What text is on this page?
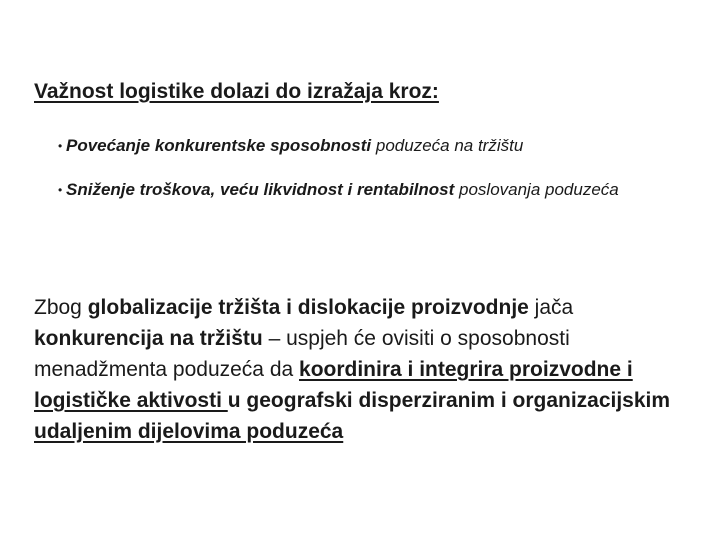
Važnost logistike dolazi do izražaja kroz:
• Povećanje konkurentske sposobnosti poduzeća na tržištu
• Sniženje troškova, veću likvidnost i rentabilnost poslovanja poduzeća

Zbog globalizacije tržišta i dislokacije proizvodnje jača konkurencija na tržištu – uspjeh će ovisiti o sposobnosti menadžmenta poduzeća da koordinira i integrira proizvodne i logističke aktivosti u geografski disperziranim i organizacijskim udaljenim dijelovima poduzeća
